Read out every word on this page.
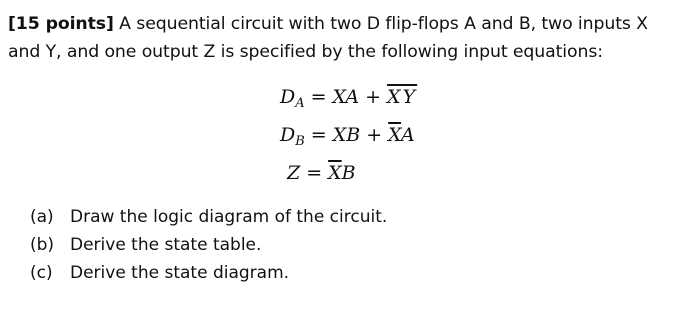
[15 points] A sequential circuit with two D flip-flops A and B, two inputs X
and Y, and one output Z is specified by the following input equations:
$D_A$ = XA + $\overline{XY}$
$D_B$ = XB + $\overline{X}A$
$Z = \overline{X}B$
(a) Draw the logic diagram of the circuit.
(b) Derive the state table.
(c) Derive the state diagram.
